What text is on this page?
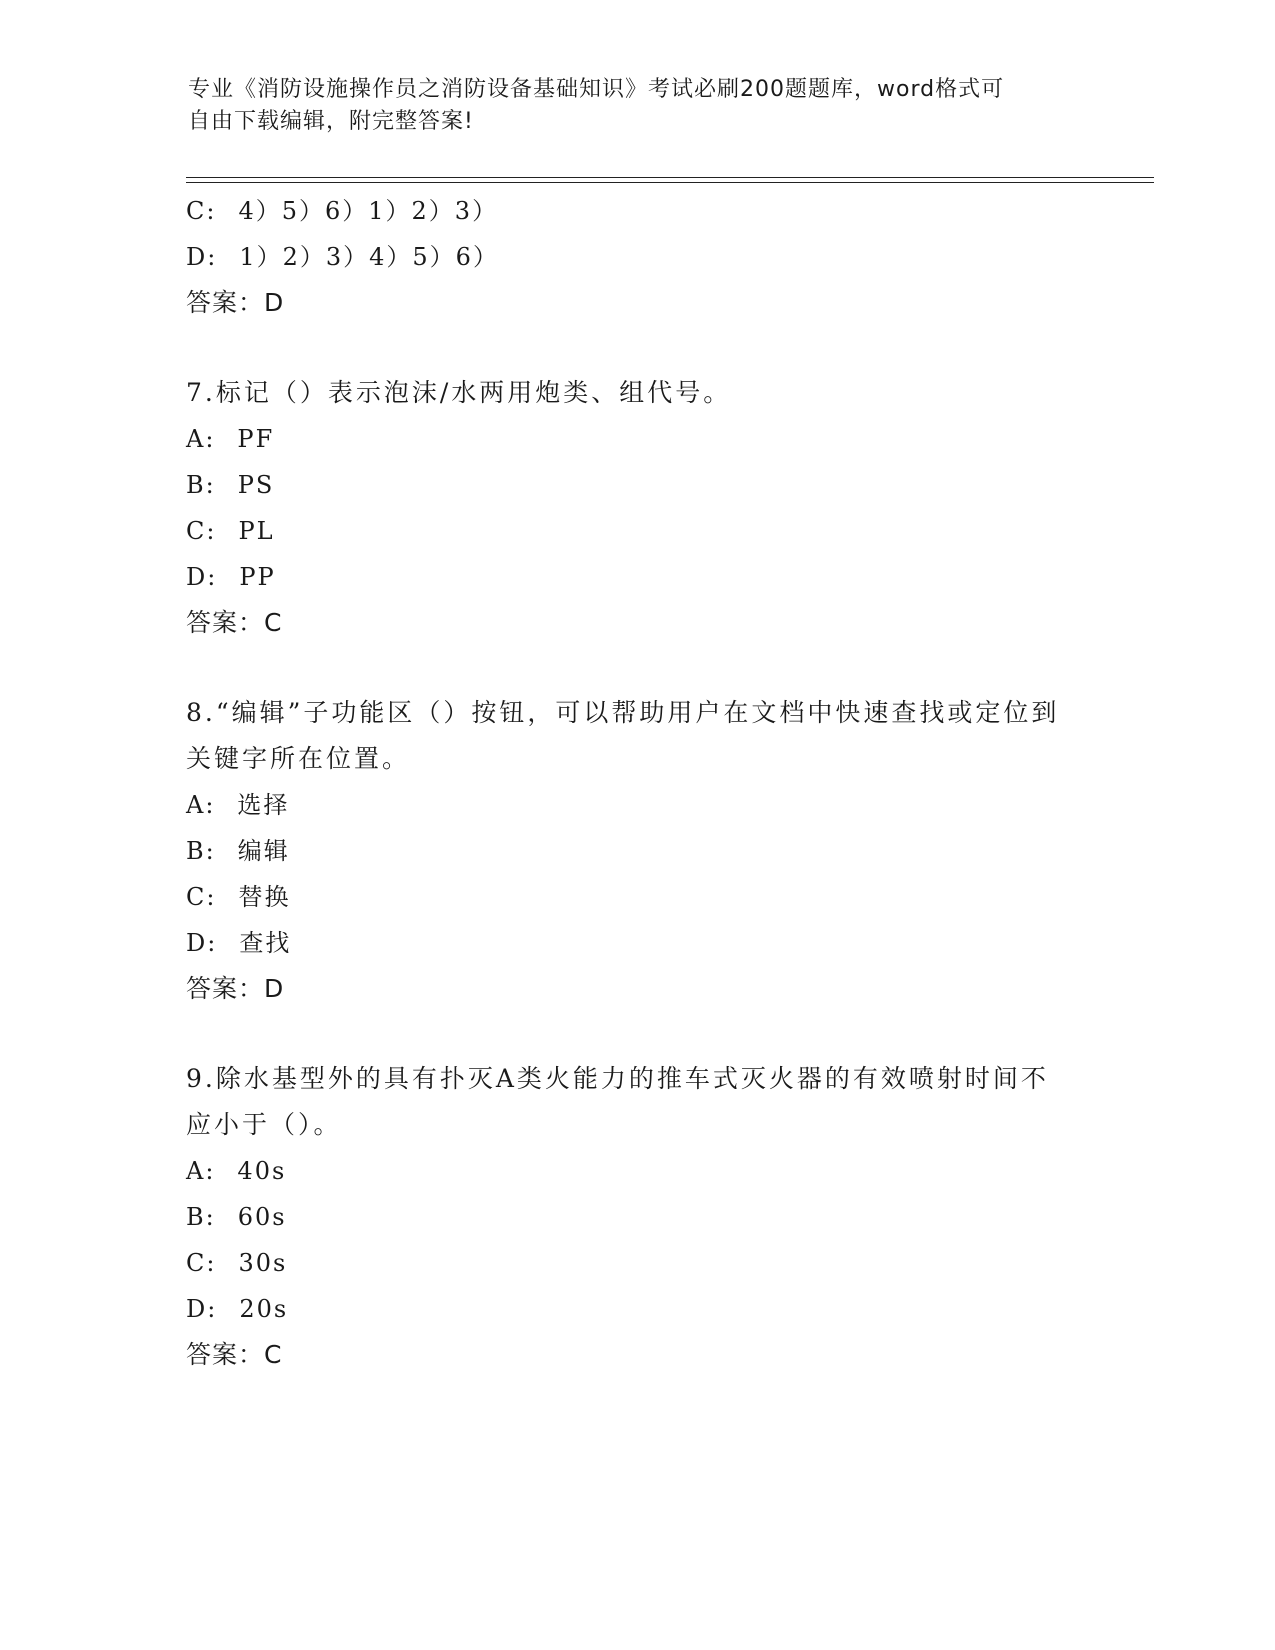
专业《消防设施操作员之消防设备基础知识》考试必刷200题题库，word格式可
自由下载编辑，附完整答案!
C: 4）5）6）1）2）3）
D: 1）2）3）4）5）6）
答案：D
7.标记（）表示泡沫/水两用炮类、组代号。
A: PF
B: PS
C: PL
D: PP
答案：C
8.“编辑”子功能区（）按钮，可以帮助用户在文档中快速查找或定位到关键字所在位置。
A: 选择
B: 编辑
C: 替换
D: 查找
答案：D
9.除水基型外的具有扑灭A类火能力的推车式灭火器的有效喷射时间不应小于（）。
A: 40s
B: 60s
C: 30s
D: 20s
答案：C
